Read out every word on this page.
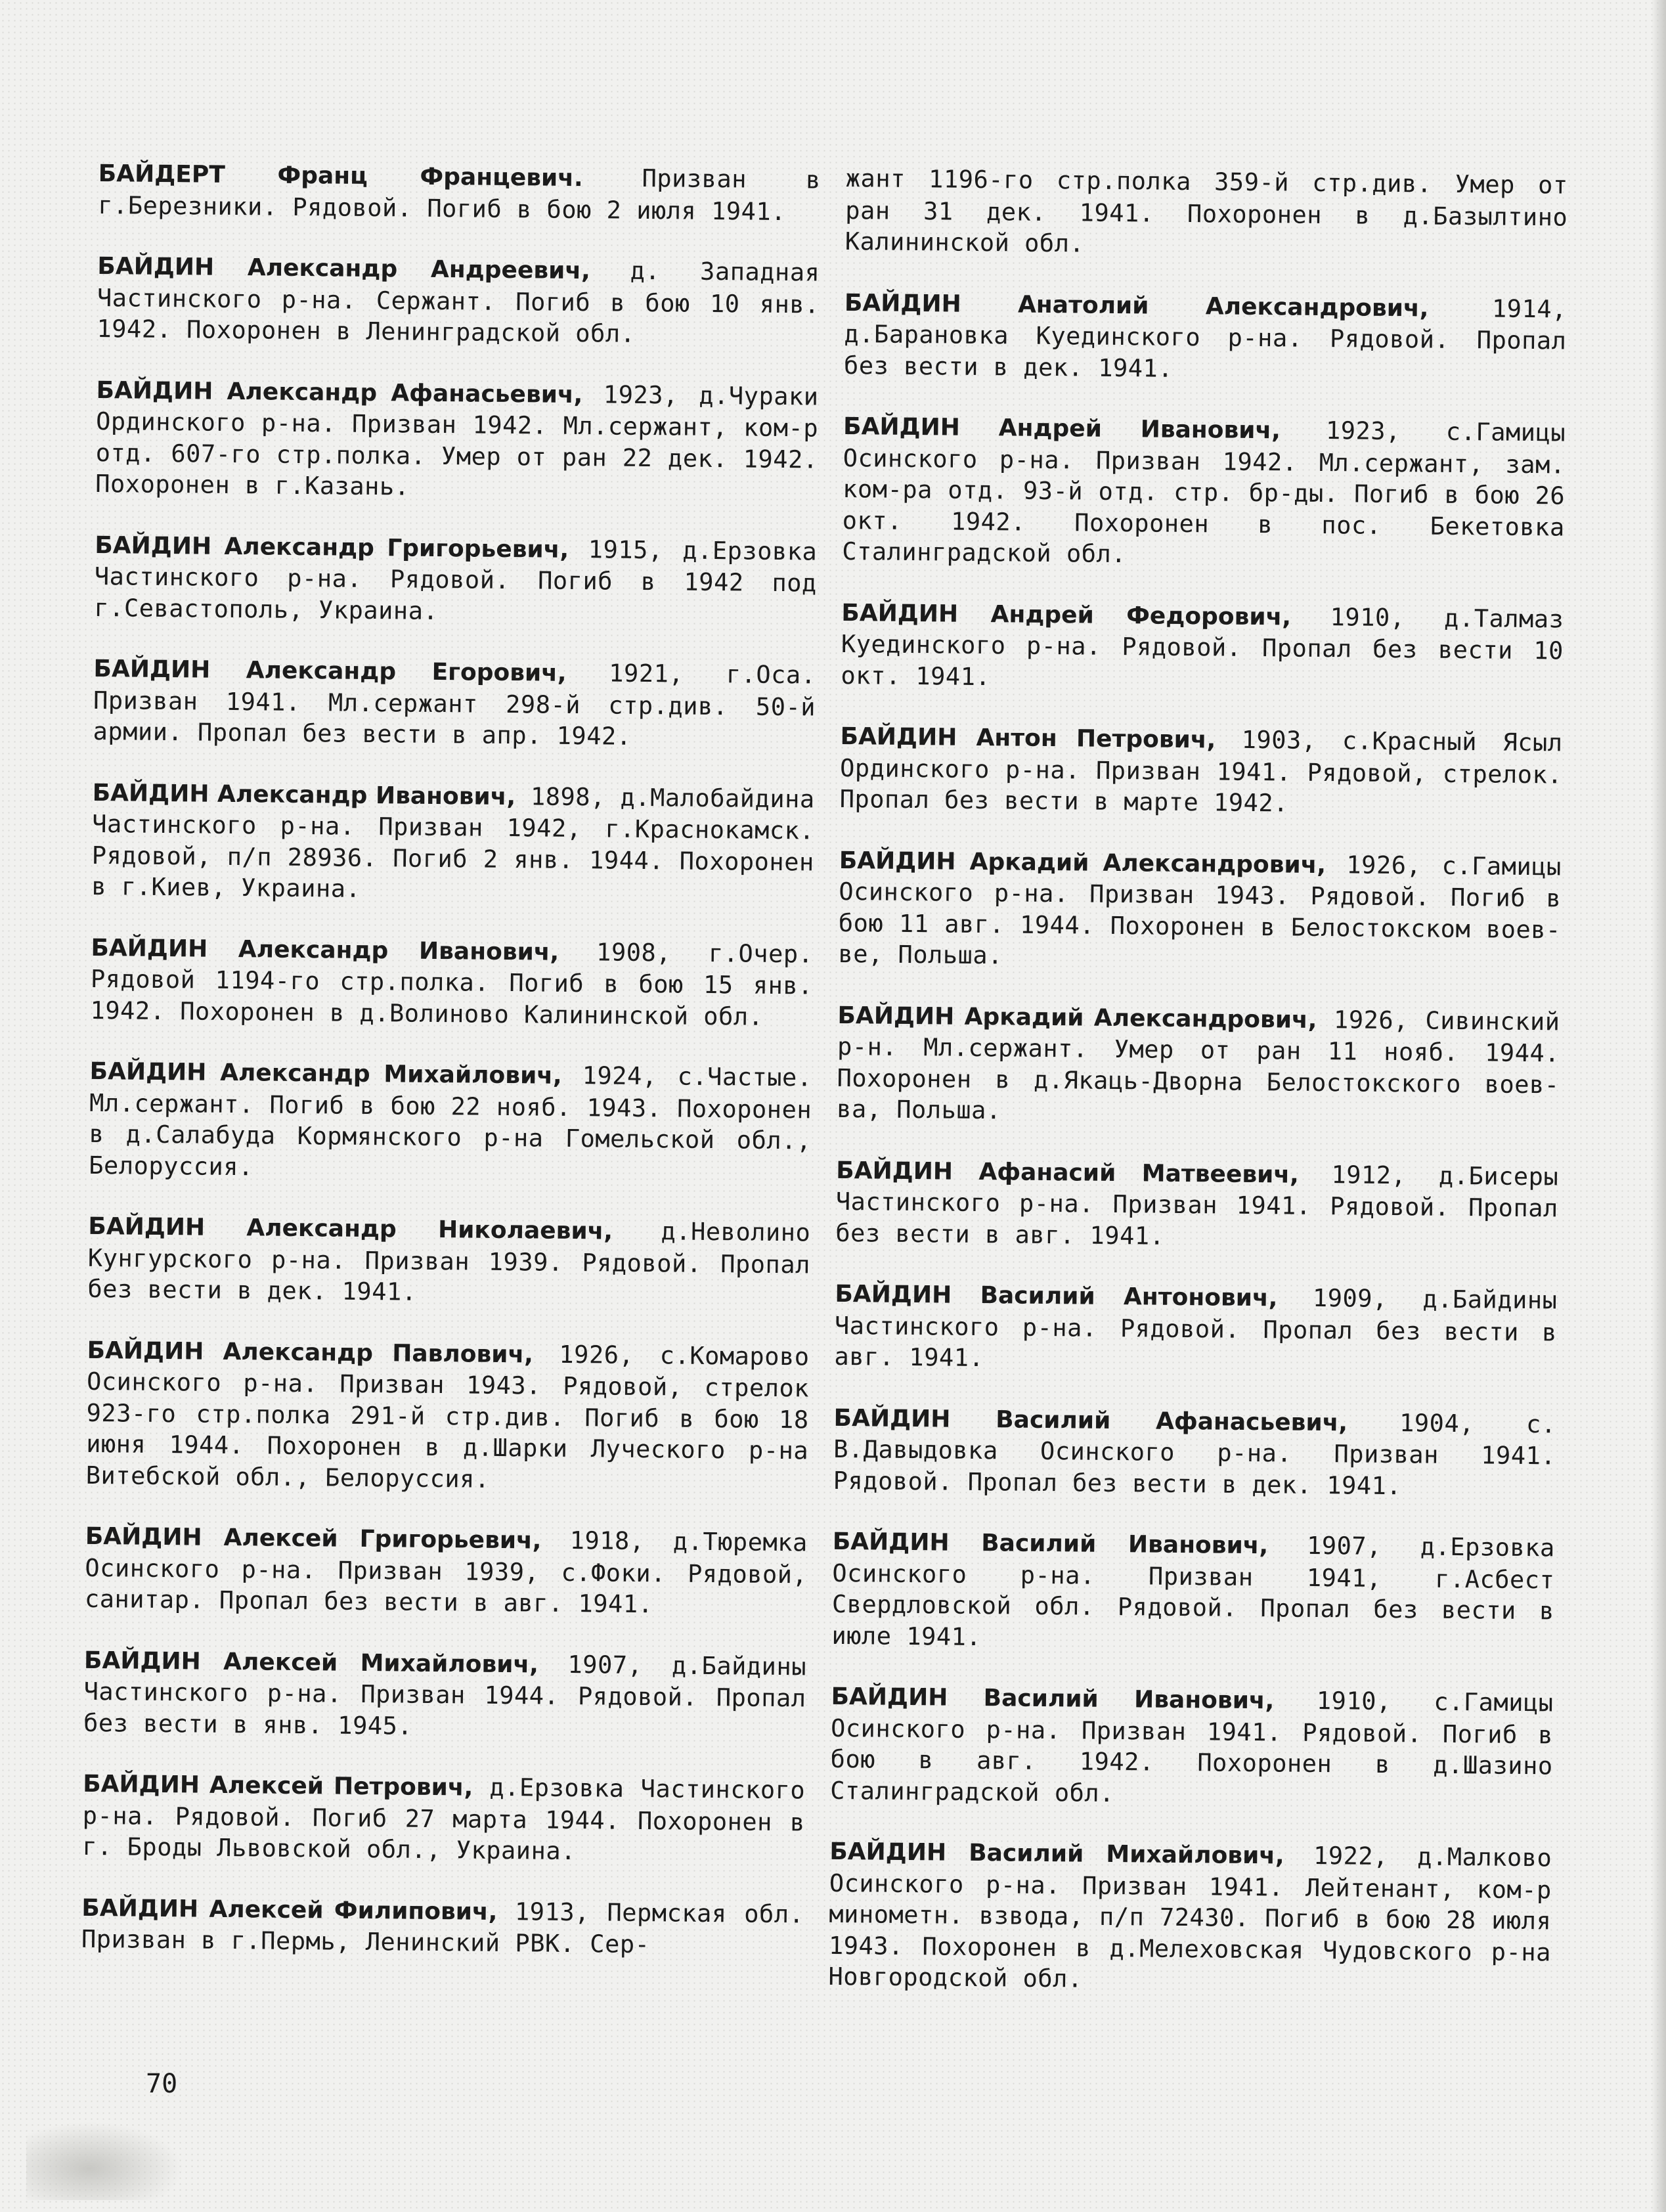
БАЙДЕРТ Франц Францевич. Призван в г.Березники. Рядовой. Погиб в бою 2 июля 1941.

БАЙДИН Александр Андреевич, д. Западная Частинского р-на. Сержант. Погиб в бою 10 янв. 1942. Похоронен в Ленинградской обл.

БАЙДИН Александр Афанасьевич, 1923, д.Чураки Ординского р-на. Призван 1942. Мл.сержант, ком-р отд. 607-го стр.полка. Умер от ран 22 дек. 1942. Похоронен в г.Казань.

БАЙДИН Александр Григорьевич, 1915, д.Ерзовка Частинского р-на. Рядовой. Погиб в 1942 под г.Севастополь, Украина.

БАЙДИН Александр Егорович, 1921, г.Оса. Призван 1941. Мл.сержант 298-й стр.див. 50-й армии. Пропал без вести в апр. 1942.

БАЙДИН Александр Иванович, 1898, д.Малобайдина Частинского р-на. Призван 1942, г.Краснокамск. Рядовой, п/п 28936. Погиб 2 янв. 1944. Похоронен в г.Киев, Украина.

БАЙДИН Александр Иванович, 1908, г.Очер. Рядовой 1194-го стр.полка. Погиб в бою 15 янв. 1942. Похоронен в д.Волиново Калининской обл.

БАЙДИН Александр Михайлович, 1924, с.Частые. Мл.сержант. Погиб в бою 22 нояб. 1943. Похоронен в д.Салабуда Кормянского р-на Гомельской обл., Белоруссия.

БАЙДИН Александр Николаевич, д.Неволино Кунгурского р-на. Призван 1939. Рядовой. Пропал без вести в дек. 1941.

БАЙДИН Александр Павлович, 1926, с.Комарово Осинского р-на. Призван 1943. Рядовой, стрелок 923-го стр.полка 291-й стр.див. Погиб в бою 18 июня 1944. Похоронен в д.Шарки Луческого р-на Витебской обл., Белоруссия.

БАЙДИН Алексей Григорьевич, 1918, д.Тюремка Осинского р-на. Призван 1939, с.Фоки. Рядовой, санитар. Пропал без вести в авг. 1941.

БАЙДИН Алексей Михайлович, 1907, д.Байдины Частинского р-на. Призван 1944. Рядовой. Пропал без вести в янв. 1945.

БАЙДИН Алексей Петрович, д.Ерзовка Частинского р-на. Рядовой. Погиб 27 марта 1944. Похоронен в г. Броды Львовской обл., Украина.

БАЙДИН Алексей Филипович, 1913, Пермская обл. Призван в г.Пермь, Ленинский РВК. Сер-

жант 1196-го стр.полка 359-й стр.див. Умер от ран 31 дек. 1941. Похоронен в д.Базылтино Калининской обл.

БАЙДИН Анатолий Александрович, 1914, д.Барановка Куединского р-на. Рядовой. Пропал без вести в дек. 1941.

БАЙДИН Андрей Иванович, 1923, с.Гамицы Осинского р-на. Призван 1942. Мл.сержант, зам. ком-ра отд. 93-й отд. стр. бр-ды. Погиб в бою 26 окт. 1942. Похоронен в пос. Бекетовка Сталинградской обл.

БАЙДИН Андрей Федорович, 1910, д.Талмаз Куединского р-на. Рядовой. Пропал без вести 10 окт. 1941.

БАЙДИН Антон Петрович, 1903, с.Красный Ясыл Ординского р-на. Призван 1941. Рядовой, стрелок. Пропал без вести в марте 1942.

БАЙДИН Аркадий Александрович, 1926, с.Гамицы Осинского р-на. Призван 1943. Рядовой. Погиб в бою 11 авг. 1944. Похоронен в Белостокском воев-ве, Польша.

БАЙДИН Аркадий Александрович, 1926, Сивинский р-н. Мл.сержант. Умер от ран 11 нояб. 1944. Похоронен в д.Якаць-Дворна Белостокского воев-ва, Польша.

БАЙДИН Афанасий Матвеевич, 1912, д.Бисеры Частинского р-на. Призван 1941. Рядовой. Пропал без вести в авг. 1941.

БАЙДИН Василий Антонович, 1909, д.Байдины Частинского р-на. Рядовой. Пропал без вести в авг. 1941.

БАЙДИН Василий Афанасьевич, 1904, с. В.Давыдовка Осинского р-на. Призван 1941. Рядовой. Пропал без вести в дек. 1941.

БАЙДИН Василий Иванович, 1907, д.Ерзовка Осинского р-на. Призван 1941, г.Асбест Свердловской обл. Рядовой. Пропал без вести в июле 1941.

БАЙДИН Василий Иванович, 1910, с.Гамицы Осинского р-на. Призван 1941. Рядовой. Погиб в бою в авг. 1942. Похоронен в д.Шазино Сталинградской обл.

БАЙДИН Василий Михайлович, 1922, д.Малково Осинского р-на. Призван 1941. Лейтенант, ком-р минометн. взвода, п/п 72430. Погиб в бою 28 июля 1943. Похоронен в д.Мелеховская Чудовского р-на Новгородской обл.

70
